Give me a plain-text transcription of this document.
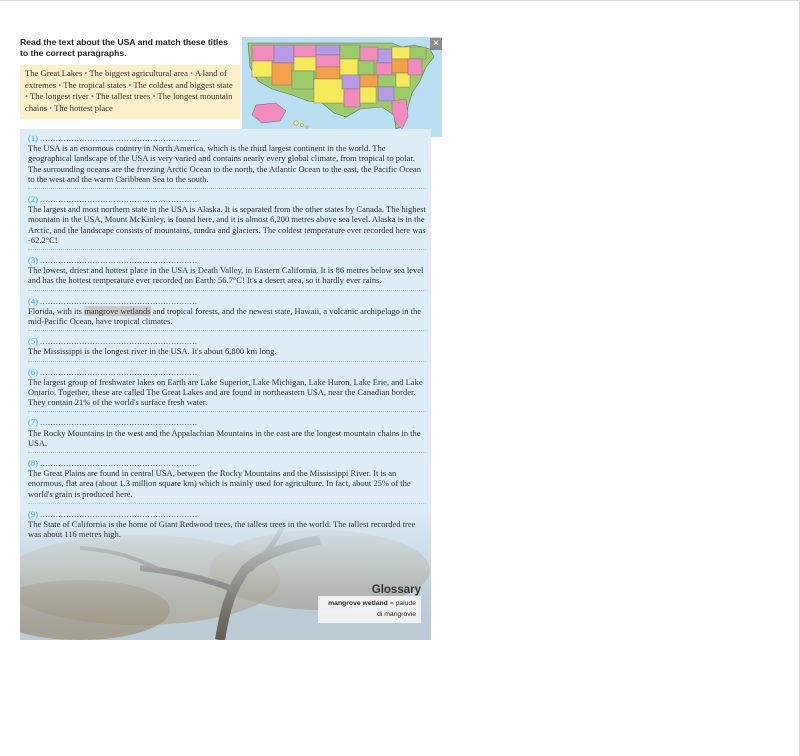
Read the text about the USA and match these titles to the correct paragraphs.
The Great Lakes • The biggest agricultural area • A land of extremes • The tropical states • The coldest and biggest state • The longest river • The tallest trees • The longest mountain chains • The hottest place
✕
(1) ............................................................
The USA is an enormous country in North America, which is the third largest continent in the world. The geographical landscape of the USA is very varied and contains nearly every global climate, from tropical to polar. The surrounding oceans are the freezing Arctic Ocean to the north, the Atlantic Ocean to the east, the Pacific Ocean to the west and the warm Caribbean Sea to the south.
(2) ............................................................
The largest and most northern state in the USA is Alaska. It is separated from the other states by Canada. The highest mountain in the USA, Mount McKinley, is found here, and it is almost 6,200 metres above sea level. Alaska is in the Arctic, and the landscape consists of mountains, tundra and glaciers. The coldest temperature ever recorded here was -62.2°C!
(3) ............................................................
The lowest, driest and hottest place in the USA is Death Valley, in Eastern California. It is 86 metres below sea level and has the hottest temperature ever recorded on Earth: 56.7°C! It's a desert area, so it hardly ever rains.
(4) ............................................................
Florida, with its mangrove wetlands and tropical forests, and the newest state, Hawaii, a volcanic archipelago in the mid-Pacific Ocean, have tropical climates.
(5) ............................................................
The Mississippi is the longest river in the USA. It's about 6,800 km long.
(6) ............................................................
The largest group of freshwater lakes on Earth are Lake Superior, Lake Michigan, Lake Huron, Lake Erie, and Lake Ontario. Together, these are called The Great Lakes and are found in northeastern USA, near the Canadian border. They contain 21% of the world's surface fresh water.
(7) ............................................................
The Rocky Mountains in the west and the Appalachian Mountains in the east are the longest mountain chains in the USA.
(8) ............................................................
The Great Plains are found in central USA, between the Rocky Mountains and the Mississippi River. It is an enormous, flat area (about 1.3 million square km) which is mainly used for agriculture. In fact, about 25% of the world's grain is produced here.
(9) ............................................................
The State of California is the home of Giant Redwood trees, the tallest trees in the world. The tallest recorded tree was about 116 metres high.
Glossary
mangrove wetland = palude di mangrovie
